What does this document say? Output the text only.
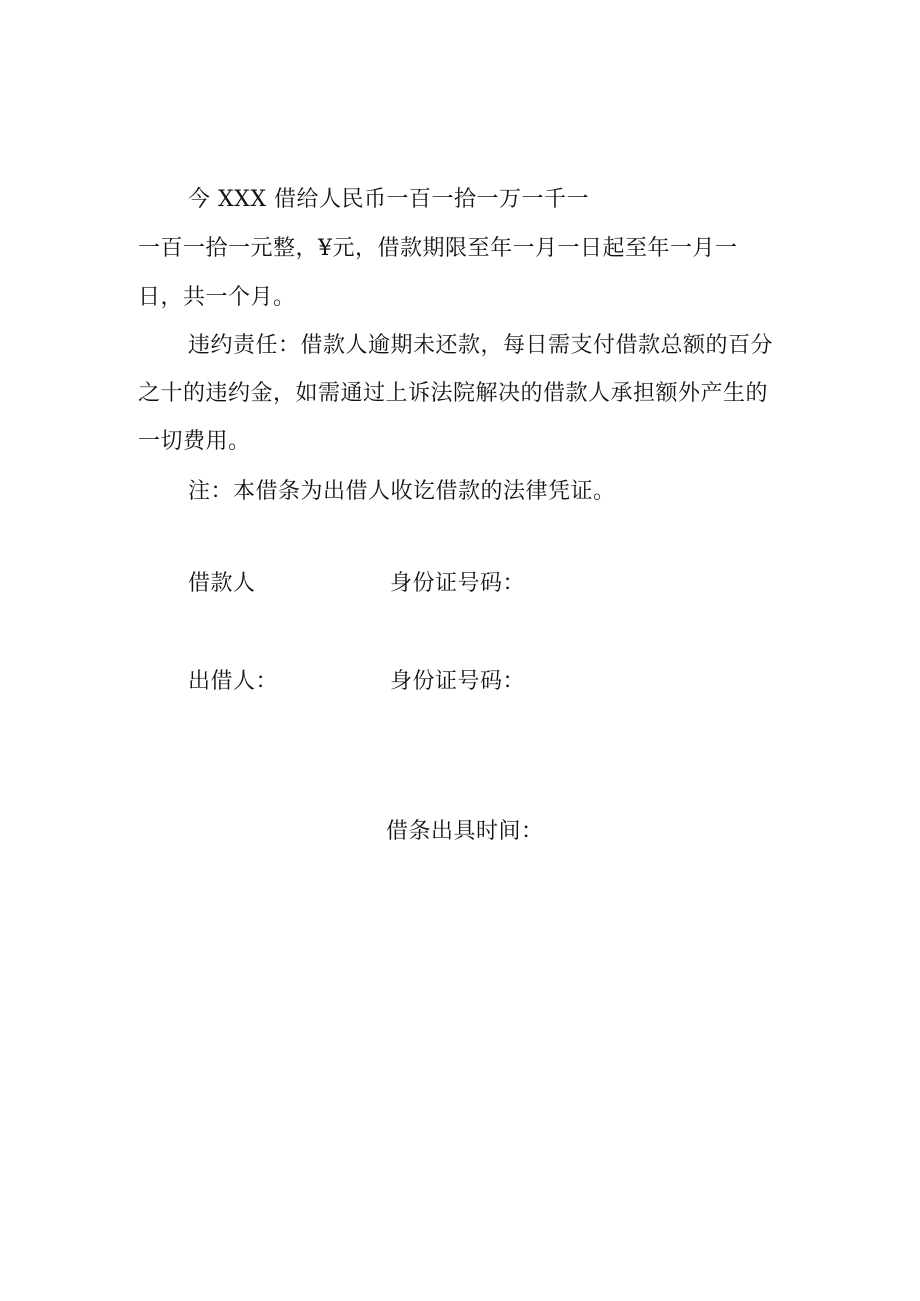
今 XXX 借给人民币一百一拾一万一千一
一百一拾一元整，¥元，借款期限至年一月一日起至年一月一
日，共一个月。
违约责任：借款人逾期未还款，每日需支付借款总额的百分
之十的违约金，如需通过上诉法院解决的借款人承担额外产生的
一切费用。
注：本借条为出借人收讫借款的法律凭证。
借款人	身份证号码：
出借人：	身份证号码：
借条出具时间：
